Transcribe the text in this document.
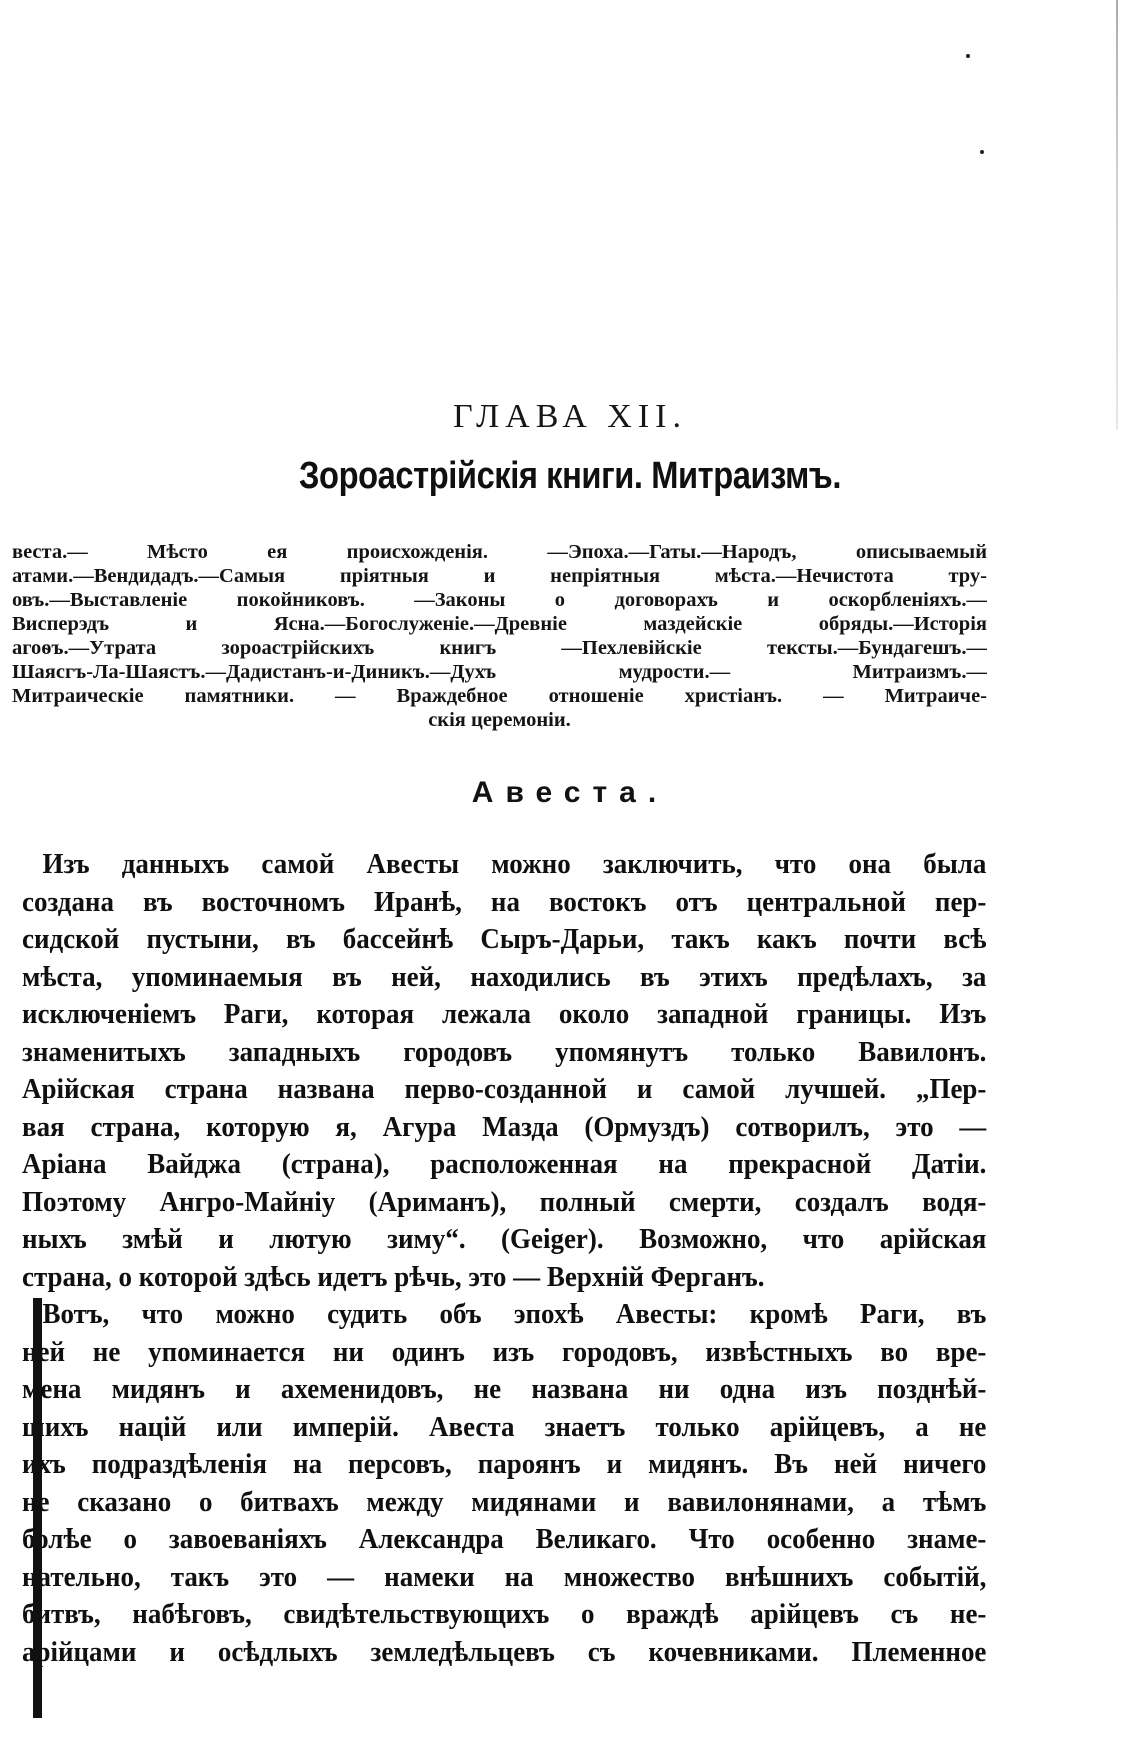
ГЛАВА XII.
Зороастрійскія книги. Митраизмъ.
веста.— Мѣсто ея происхожденія. —Эпоха.—Гаты.—Народъ, описываемый
атами.—Вендидадъ.—Самыя пріятныя и непріятныя мѣста.—Нечистота тру-
овъ.—Выставленіе покойниковъ. —Законы о договорахъ и оскорбленіяхъ.—
Висперэдъ и Ясна.—Богослуженіе.—Древніе маздейскіе обряды.—Исторія
агоѳъ.—Утрата зороастрійскихъ книгъ —Пехлевійскіе тексты.—Бундагешъ.—
Шаясгъ-Ла-Шаястъ.—Дадистанъ-и-Диникъ.—Духъ мудрости.— Митраизмъ.—
Митраическіе памятники. — Враждебное отношеніе христіанъ. — Митраиче-
скія церемоніи.
Авеста.
Изъ данныхъ самой Авесты можно заключить, что она была
создана въ восточномъ Иранѣ, на востокъ отъ центральной пер-
сидской пустыни, въ бассейнѣ Сыръ-Дарьи, такъ какъ почти всѣ
мѣста, упоминаемыя въ ней, находились въ этихъ предѣлахъ, за
исключеніемъ Раги, которая лежала около западной границы. Изъ
знаменитыхъ западныхъ городовъ упомянутъ только Вавилонъ.
Арійская страна названа перво-созданной и самой лучшей. „Пер-
вая страна, которую я, Агура Мазда (Ормуздъ) сотворилъ, это —
Аріана Вайджа (страна), расположенная на прекрасной Датіи.
Поэтому Ангро-Майніу (Ариманъ), полный смерти, создалъ водя-
ныхъ змѣй и лютую зиму“. (Geiger). Возможно, что арійская
страна, о которой здѣсь идетъ рѣчь, это — Верхній Ферганъ.
Вотъ, что можно судить объ эпохѣ Авесты: кромѣ Раги, въ
ней не упоминается ни одинъ изъ городовъ, извѣстныхъ во вре-
мена мидянъ и ахеменидовъ, не названа ни одна изъ позднѣй-
шихъ націй или имперій. Авеста знаетъ только арійцевъ, а не
ихъ подраздѣленія на персовъ, пароянъ и мидянъ. Въ ней ничего
не сказано о битвахъ между мидянами и вавилонянами, а тѣмъ
болѣе о завоеваніяхъ Александра Великаго. Что особенно знаме-
нательно, такъ это — намеки на множество внѣшнихъ событій,
битвъ, набѣговъ, свидѣтельствующихъ о враждѣ арійцевъ съ не-
арійцами и осѣдлыхъ земледѣльцевъ съ кочевниками. Племенное
